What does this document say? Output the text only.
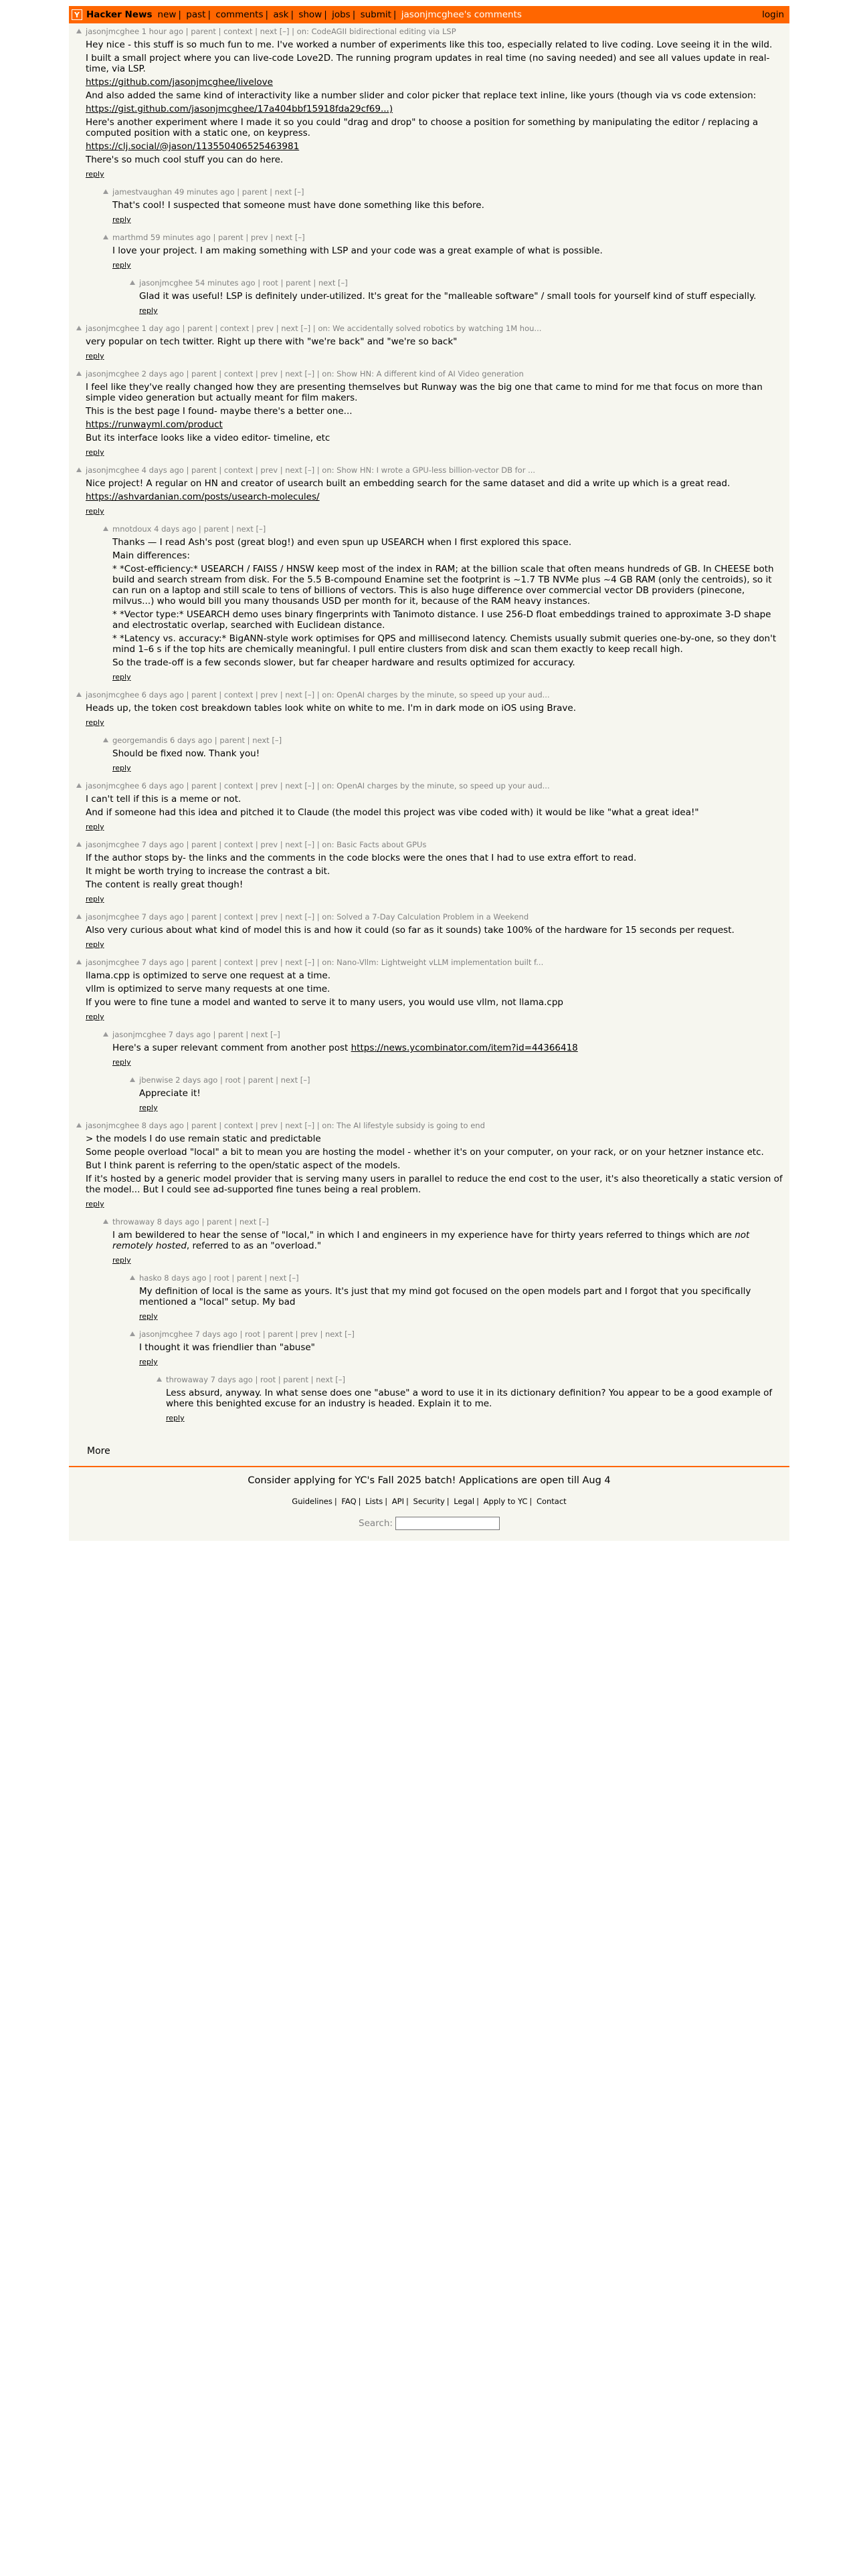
Y Hacker News new | past | comments | ask | show | jobs | submit | jasonjmcghee's comments	login
jasonjmcghee 1 hour ago | parent | context | next [–] | on: CodeAGII bidirectional editing via LSP

Hey nice - this stuff is so much fun to me. I've worked a number of experiments like this too, especially related to live coding. Love seeing it in the wild.

I built a small project where you can live-code Love2D. The running program updates in real time (no saving needed) and see all values update in real-time, via LSP.

https://github.com/jasonjmcghee/livelove

And also added the same kind of interactivity like a number slider and color picker that replace text inline, like yours (though via vs code extension:

https://gist.github.com/jasonjmcghee/17a404bbf15918fda29cf69...)

Here's another experiment where I made it so you could "drag and drop" to choose a position for something by manipulating the editor / replacing a computed position with a static one, on keypress.

https://clj.social/@jason/113550406525463981

There's so much cool stuff you can do here.

reply
jamestvaughan 49 minutes ago | parent | next [–]

That's cool! I suspected that someone must have done something like this before.

reply
marthmd 59 minutes ago | parent | prev | next [–]

I love your project. I am making something with LSP and your code was a great example of what is possible.

reply
jasonjmcghee 54 minutes ago | root | parent | next [–]

Glad it was useful! LSP is definitely under-utilized. It's great for the "malleable software" / small tools for yourself kind of stuff especially.

reply
jasonjmcghee 1 day ago | parent | context | prev | next [–] | on: We accidentally solved robotics by watching 1M hou...

very popular on tech twitter. Right up there with "we're back" and "we're so back"

reply
jasonjmcghee 2 days ago | parent | context | prev | next [–] | on: Show HN: A different kind of AI Video generation

I feel like they've really changed how they are presenting themselves but Runway was the big one that came to mind for me that focus on more than simple video generation but actually meant for film makers.

This is the best page I found- maybe there's a better one...

https://runwayml.com/product

But its interface looks like a video editor- timeline, etc

reply
jasonjmcghee 4 days ago | parent | context | prev | next [–] | on: Show HN: I wrote a GPU-less billion-vector DB for ...

Nice project! A regular on HN and creator of usearch built an embedding search for the same dataset and did a write up which is a great read.

https://ashvardanian.com/posts/usearch-molecules/

reply
mnotdoux 4 days ago | parent | next [–]

Thanks — I read Ash's post (great blog!) and even spun up USEARCH when I first explored this space.

Main differences:

* *Cost-efficiency:* USEARCH / FAISS / HNSW keep most of the index in RAM; at the billion scale that often means hundreds of GB. In CHEESE both build and search stream from disk. For the 5.5 B-compound Enamine set the footprint is ~1.7 TB NVMe plus ~4 GB RAM (only the centroids), so it can run on a laptop and still scale to tens of billions of vectors. This is also huge difference over commercial vector DB providers (pinecone, milvus...) who would bill you many thousands USD per month for it, because of the RAM heavy instances.

* *Vector type:* USEARCH demo uses binary fingerprints with Tanimoto distance. I use 256-D float embeddings trained to approximate 3-D shape and electrostatic overlap, searched with Euclidean distance.

* *Latency vs. accuracy:* BigANN-style work optimises for QPS and millisecond latency. Chemists usually submit queries one-by-one, so they don't mind 1–6 s if the top hits are chemically meaningful. I pull entire clusters from disk and scan them exactly to keep recall high.

So the trade-off is a few seconds slower, but far cheaper hardware and results optimized for accuracy.

reply
jasonjmcghee 6 days ago | parent | context | prev | next [–] | on: OpenAI charges by the minute, so speed up your aud...

Heads up, the token cost breakdown tables look white on white to me. I'm in dark mode on iOS using Brave.

reply
georgemandis 6 days ago | parent | next [–]

Should be fixed now. Thank you!

reply
jasonjmcghee 6 days ago | parent | context | prev | next [–] | on: OpenAI charges by the minute, so speed up your aud...

I can't tell if this is a meme or not.

And if someone had this idea and pitched it to Claude (the model this project was vibe coded with) it would be like "what a great idea!"

reply
jasonjmcghee 7 days ago | parent | context | prev | next [–] | on: Basic Facts about GPUs

If the author stops by- the links and the comments in the code blocks were the ones that I had to use extra effort to read.

It might be worth trying to increase the contrast a bit.

The content is really great though!

reply
jasonjmcghee 7 days ago | parent | context | prev | next [–] | on: Solved a 7-Day Calculation Problem in a Weekend

Also very curious about what kind of model this is and how it could (so far as it sounds) take 100% of the hardware for 15 seconds per request.

reply
jasonjmcghee 7 days ago | parent | context | prev | next [–] | on: Nano-Vllm: Lightweight vLLM implementation built f...

llama.cpp is optimized to serve one request at a time.

vllm is optimized to serve many requests at one time.

If you were to fine tune a model and wanted to serve it to many users, you would use vllm, not llama.cpp

reply
jasonjmcghee 7 days ago | parent | next [–]

Here's a super relevant comment from another post https://news.ycombinator.com/item?id=44366418

reply
jbenwise 2 days ago | root | parent | next [–]

Appreciate it!

reply
jasonjmcghee 8 days ago | parent | context | prev | next [–] | on: The AI lifestyle subsidy is going to end

> the models I do use remain static and predictable

Some people overload "local" a bit to mean you are hosting the model - whether it's on your computer, on your rack, or on your hetzner instance etc.

But I think parent is referring to the open/static aspect of the models.

If it's hosted by a generic model provider that is serving many users in parallel to reduce the end cost to the user, it's also theoretically a static version of the model... But I could see ad-supported fine tunes being a real problem.

reply
throwaway 8 days ago | parent | next [–]

I am bewildered to hear the sense of "local," in which I and engineers in my experience have for thirty years referred to things which are not remotely hosted, referred to as an "overload."

reply
hasko 8 days ago | root | parent | next [–]

My definition of local is the same as yours. It's just that my mind got focused on the open models part and I forgot that you specifically mentioned a "local" setup. My bad

reply
jasonjmcghee 7 days ago | root | parent | prev | next [–]

I thought it was friendlier than "abuse"

reply
throwaway 7 days ago | root | parent | next [–]

Less absurd, anyway. In what sense does one "abuse" a word to use it in its dictionary definition? You appear to be a good example of where this benighted excuse for an industry is headed. Explain it to me.

reply
More
Consider applying for YC's Fall 2025 batch! Applications are open till Aug 4
Guidelines | FAQ | Lists | API | Security | Legal | Apply to YC | Contact
Search:
